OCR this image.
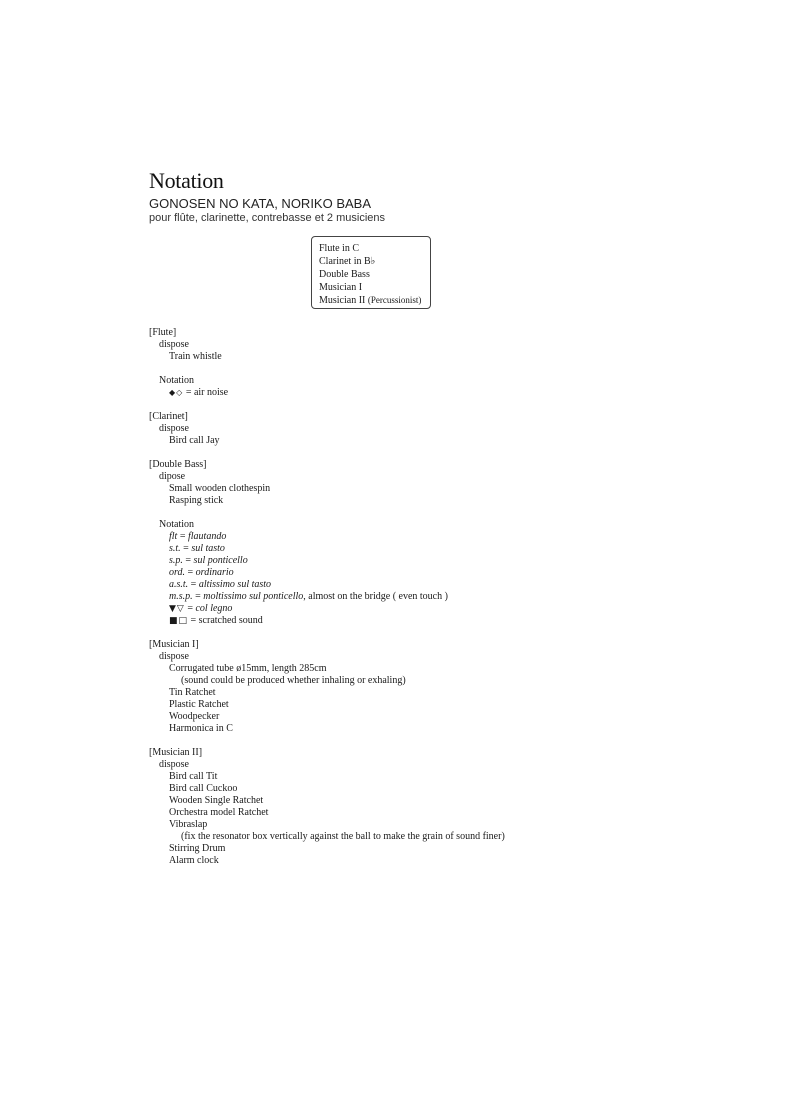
Notation
GONOSEN NO KATA, NORIKO BABA
pour flûte, clarinette, contrebasse et 2 musiciens
Flute in C
Clarinet in B♭
Double Bass
Musician I
Musician II (Percussionist)
[Flute]
dispose
Train whistle
Notation
◆◇ = air noise
[Clarinet]
dispose
Bird call Jay
[Double Bass]
dipose
Small wooden clothespin
Rasping stick
Notation
flt = flautando
s.t. = sul tasto
s.p. = sul ponticello
ord. = ordinario
a.s.t. = altissimo sul tasto
m.s.p. = moltissimo sul ponticello, almost on the bridge ( even touch )
▼▽ = col legno
■□ = scratched sound
[Musician I]
dispose
Corrugated tube ø15mm, length 285cm
(sound could be produced whether inhaling or exhaling)
Tin Ratchet
Plastic Ratchet
Woodpecker
Harmonica in C
[Musician II]
dispose
Bird call Tit
Bird call Cuckoo
Wooden Single Ratchet
Orchestra model Ratchet
Vibraslap
(fix the resonator box vertically against the ball to make the grain of sound finer)
Stirring Drum
Alarm clock
